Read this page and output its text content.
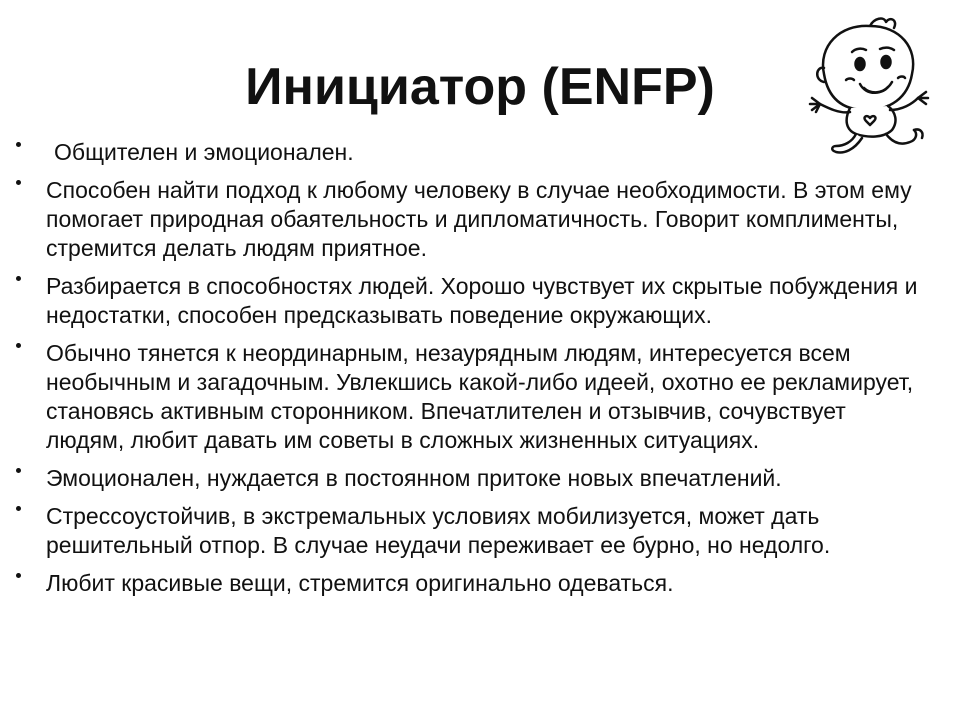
Инициатор (ENFP)
Общителен и эмоционален.
Способен найти подход к любому человеку в случае необходимости. В этом ему помогает природная обаятельность и дипломатичность. Говорит комплименты, стремится делать людям приятное.
Разбирается в способностях людей. Хорошо чувствует их скрытые побуждения и недостатки, способен предсказывать поведение окружающих.
Обычно тянется к неординарным, незаурядным людям, интересуется всем необычным и загадочным. Увлекшись какой-либо идеей, охотно ее рекламирует, становясь активным сторонником. Впечатлителен и отзывчив, сочувствует людям, любит давать им советы в сложных жизненных ситуациях.
Эмоционален, нуждается в постоянном притоке новых впечатлений.
Стрессоустойчив, в экстремальных условиях мобилизуется, может дать решительный отпор. В случае неудачи переживает ее бурно, но недолго.
Любит красивые вещи, стремится оригинально одеваться.
